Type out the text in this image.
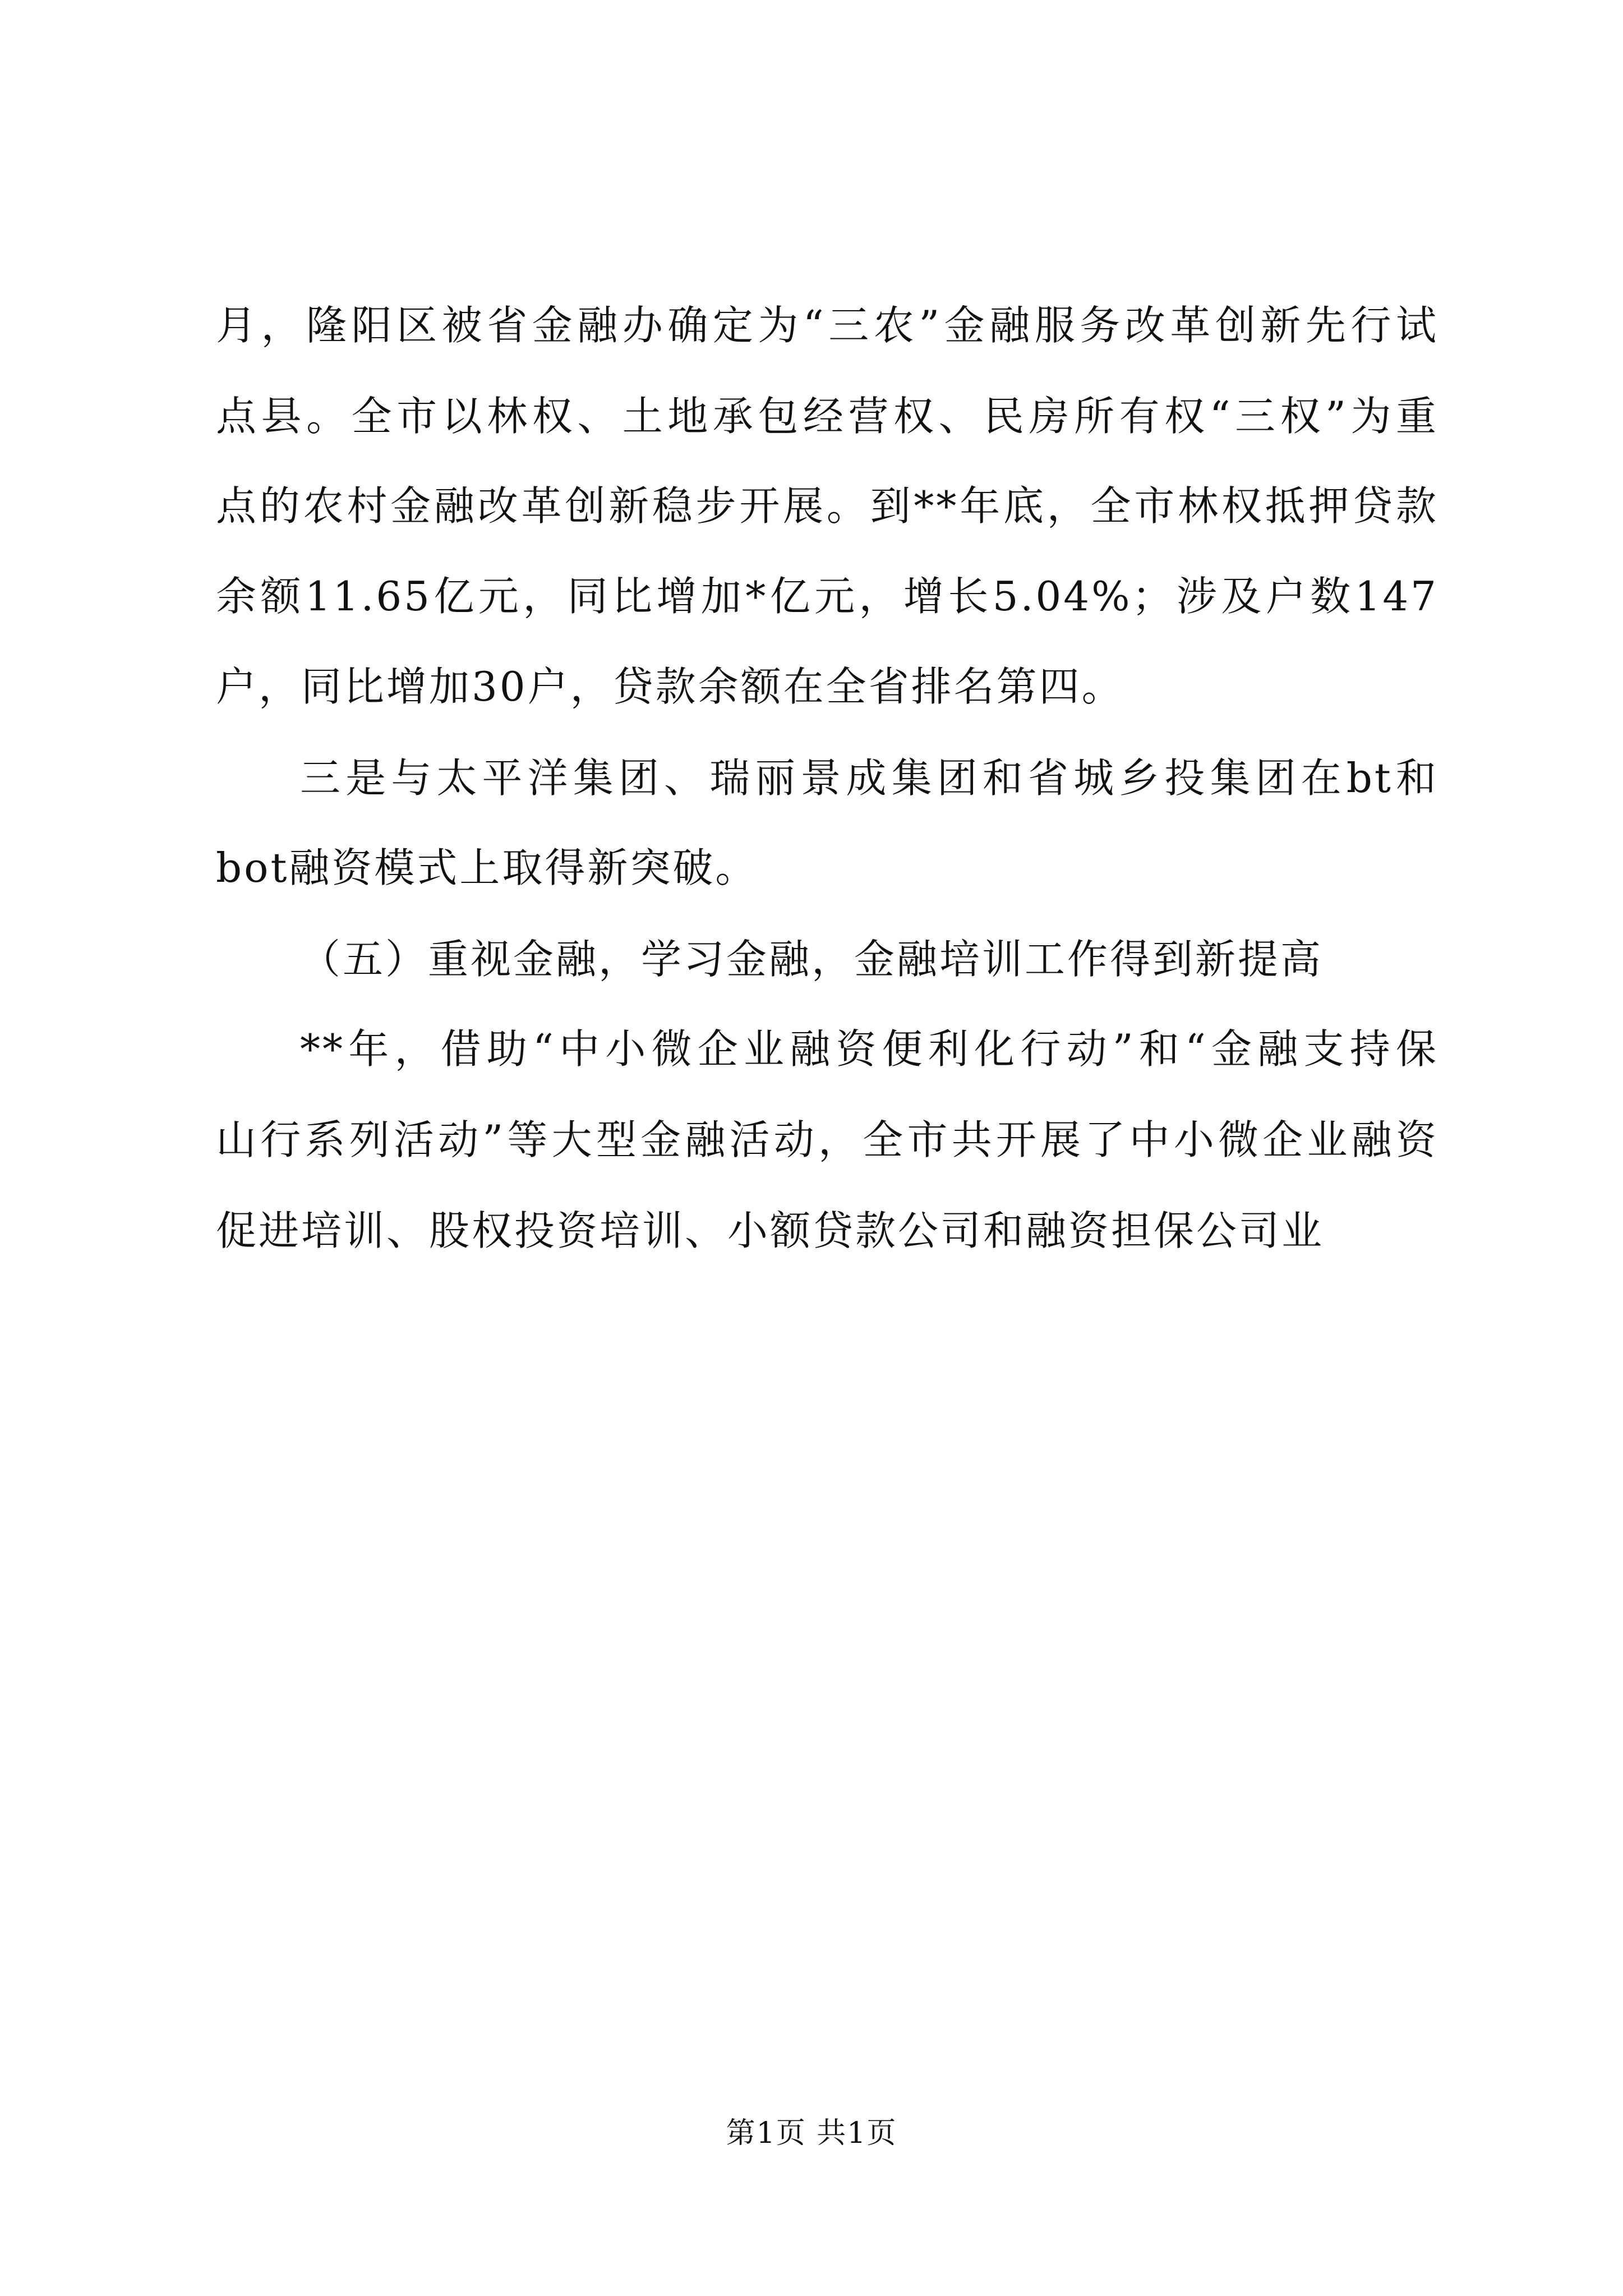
月，隆阳区被省金融办确定为“三农”金融服务改革创新先行试
点县。全市以林权、土地承包经营权、民房所有权“三权”为重
点的农村金融改革创新稳步开展。到**年底，全市林权抵押贷款
余额11.65亿元，同比增加*亿元，增长5.04%；涉及户数147
户，同比增加30户，贷款余额在全省排名第四。
三是与太平洋集团、瑞丽景成集团和省城乡投集团在bt和
bot融资模式上取得新突破。
（五）重视金融，学习金融，金融培训工作得到新提高
**年，借助“中小微企业融资便利化行动”和“金融支持保
山行系列活动”等大型金融活动，全市共开展了中小微企业融资
促进培训、股权投资培训、小额贷款公司和融资担保公司业
第1页 共1页
